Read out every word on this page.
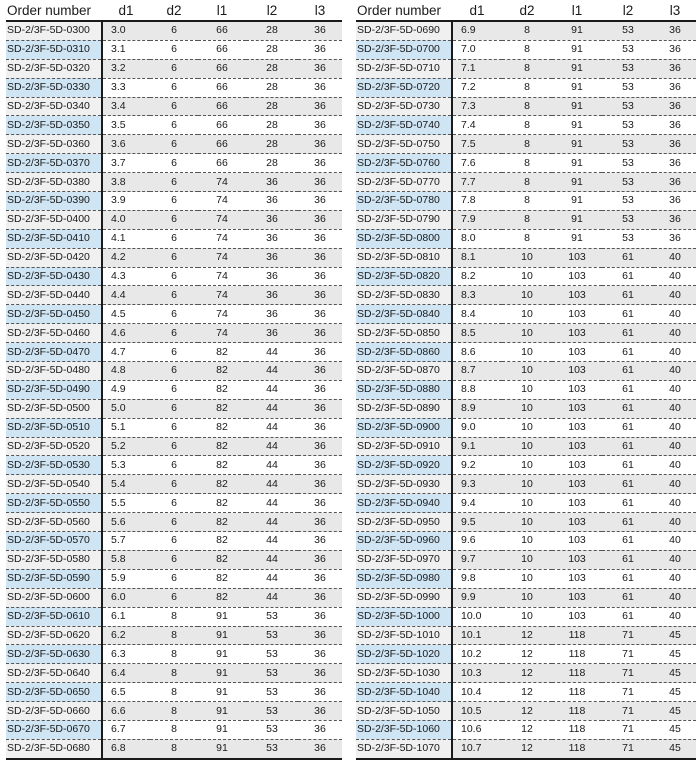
Order number	d1	d2	l1	l2	l3
SD-2/3F-5D-0300	3.0	6	66	28	36
SD-2/3F-5D-0310	3.1	6	66	28	36
SD-2/3F-5D-0320	3.2	6	66	28	36
SD-2/3F-5D-0330	3.3	6	66	28	36
SD-2/3F-5D-0340	3.4	6	66	28	36
SD-2/3F-5D-0350	3.5	6	66	28	36
SD-2/3F-5D-0360	3.6	6	66	28	36
SD-2/3F-5D-0370	3.7	6	66	28	36
SD-2/3F-5D-0380	3.8	6	74	36	36
SD-2/3F-5D-0390	3.9	6	74	36	36
SD-2/3F-5D-0400	4.0	6	74	36	36
SD-2/3F-5D-0410	4.1	6	74	36	36
SD-2/3F-5D-0420	4.2	6	74	36	36
SD-2/3F-5D-0430	4.3	6	74	36	36
SD-2/3F-5D-0440	4.4	6	74	36	36
SD-2/3F-5D-0450	4.5	6	74	36	36
SD-2/3F-5D-0460	4.6	6	74	36	36
SD-2/3F-5D-0470	4.7	6	82	44	36
SD-2/3F-5D-0480	4.8	6	82	44	36
SD-2/3F-5D-0490	4.9	6	82	44	36
SD-2/3F-5D-0500	5.0	6	82	44	36
SD-2/3F-5D-0510	5.1	6	82	44	36
SD-2/3F-5D-0520	5.2	6	82	44	36
SD-2/3F-5D-0530	5.3	6	82	44	36
SD-2/3F-5D-0540	5.4	6	82	44	36
SD-2/3F-5D-0550	5.5	6	82	44	36
SD-2/3F-5D-0560	5.6	6	82	44	36
SD-2/3F-5D-0570	5.7	6	82	44	36
SD-2/3F-5D-0580	5.8	6	82	44	36
SD-2/3F-5D-0590	5.9	6	82	44	36
SD-2/3F-5D-0600	6.0	6	82	44	36
SD-2/3F-5D-0610	6.1	8	91	53	36
SD-2/3F-5D-0620	6.2	8	91	53	36
SD-2/3F-5D-0630	6.3	8	91	53	36
SD-2/3F-5D-0640	6.4	8	91	53	36
SD-2/3F-5D-0650	6.5	8	91	53	36
SD-2/3F-5D-0660	6.6	8	91	53	36
SD-2/3F-5D-0670	6.7	8	91	53	36
SD-2/3F-5D-0680	6.8	8	91	53	36
Order number	d1	d2	l1	l2	l3
SD-2/3F-5D-0690	6.9	8	91	53	36
SD-2/3F-5D-0700	7.0	8	91	53	36
SD-2/3F-5D-0710	7.1	8	91	53	36
SD-2/3F-5D-0720	7.2	8	91	53	36
SD-2/3F-5D-0730	7.3	8	91	53	36
SD-2/3F-5D-0740	7.4	8	91	53	36
SD-2/3F-5D-0750	7.5	8	91	53	36
SD-2/3F-5D-0760	7.6	8	91	53	36
SD-2/3F-5D-0770	7.7	8	91	53	36
SD-2/3F-5D-0780	7.8	8	91	53	36
SD-2/3F-5D-0790	7.9	8	91	53	36
SD-2/3F-5D-0800	8.0	8	91	53	36
SD-2/3F-5D-0810	8.1	10	103	61	40
SD-2/3F-5D-0820	8.2	10	103	61	40
SD-2/3F-5D-0830	8.3	10	103	61	40
SD-2/3F-5D-0840	8.4	10	103	61	40
SD-2/3F-5D-0850	8.5	10	103	61	40
SD-2/3F-5D-0860	8.6	10	103	61	40
SD-2/3F-5D-0870	8.7	10	103	61	40
SD-2/3F-5D-0880	8.8	10	103	61	40
SD-2/3F-5D-0890	8.9	10	103	61	40
SD-2/3F-5D-0900	9.0	10	103	61	40
SD-2/3F-5D-0910	9.1	10	103	61	40
SD-2/3F-5D-0920	9.2	10	103	61	40
SD-2/3F-5D-0930	9.3	10	103	61	40
SD-2/3F-5D-0940	9.4	10	103	61	40
SD-2/3F-5D-0950	9.5	10	103	61	40
SD-2/3F-5D-0960	9.6	10	103	61	40
SD-2/3F-5D-0970	9.7	10	103	61	40
SD-2/3F-5D-0980	9.8	10	103	61	40
SD-2/3F-5D-0990	9.9	10	103	61	40
SD-2/3F-5D-1000	10.0	10	103	61	40
SD-2/3F-5D-1010	10.1	12	118	71	45
SD-2/3F-5D-1020	10.2	12	118	71	45
SD-2/3F-5D-1030	10.3	12	118	71	45
SD-2/3F-5D-1040	10.4	12	118	71	45
SD-2/3F-5D-1050	10.5	12	118	71	45
SD-2/3F-5D-1060	10.6	12	118	71	45
SD-2/3F-5D-1070	10.7	12	118	71	45
